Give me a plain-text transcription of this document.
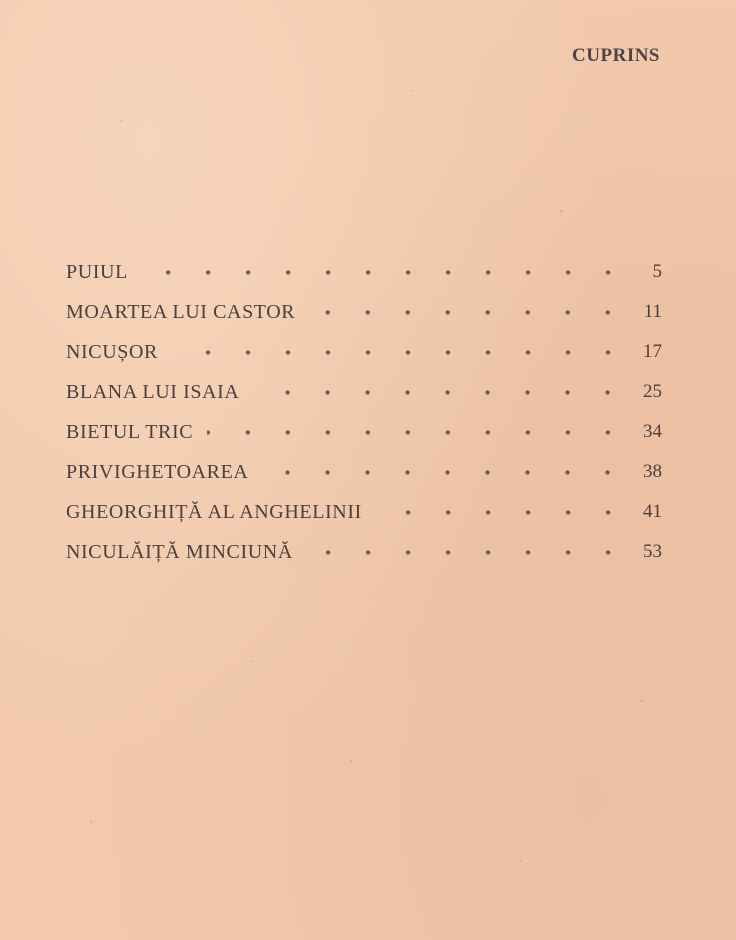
CUPRINS
PUIUL	5
MOARTEA LUI CASTOR	11
NICUȘOR	17
BLANA LUI ISAIA	25
BIETUL TRIC	34
PRIVIGHETOAREA	38
GHEORGHIȚĂ AL ANGHELINII	41
NICULĂIȚĂ MINCIUNĂ	53
